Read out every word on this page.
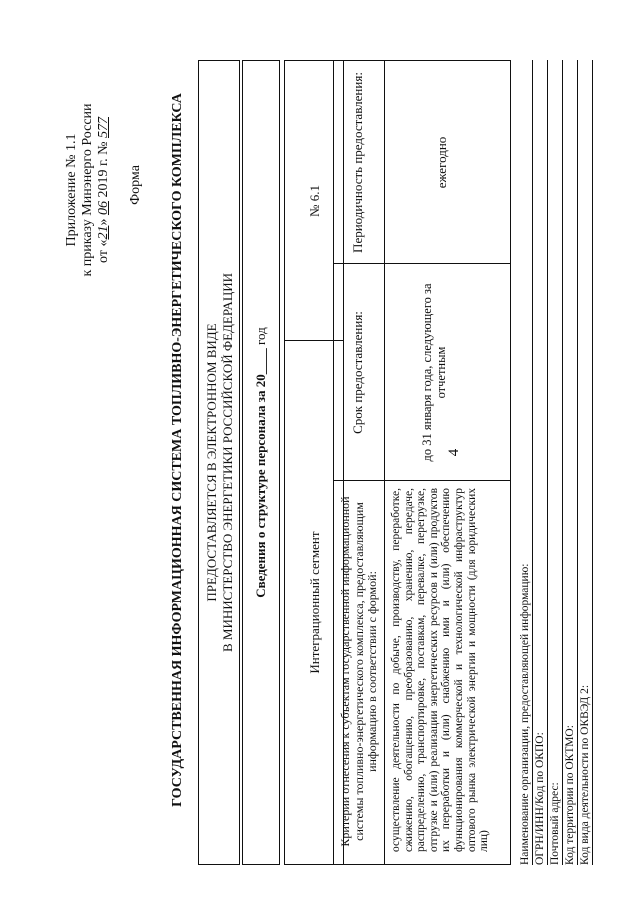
4
Приложение № 1.1 к приказу Минэнерго России от «21» 06 2019 г. № 577
Форма ГОСУДАРСТВЕННАЯ ИНФОРМАЦИОННАЯ СИСТЕМА ТОПЛИВНО-ЭНЕРГЕТИЧЕСКОГО КОМПЛЕКСА ПРЕДОСТАВЛЯЕТСЯ В ЭЛЕКТРОННОМ ВИДЕ В МИНИСТЕРСТВО ЭНЕРГЕТИКИ РОССИЙСКОЙ ФЕДЕРАЦИИ Сведения о структуре персонала за 20____ год
Интеграционный сегмент
№ 6.1
Критерии отнесения к субъектам государственной информационной системы топливно-энергетического комплекса, предоставляющим информацию в соответствии с формой:
Срок предоставления:
Периодичность предоставления:
осуществление деятельности по добыче, производству, переработке, сжижению, обогащению, преобразованию, хранению, передаче, распределению, транспортировке, поставкам, перевалке, перегрузке, отгрузке и (или) реализации энергетических ресурсов и (или) продуктов их переработки и (или) снабжению ими и (или) обеспечению функционирования коммерческой и технологической инфраструктур оптового рынка электрической энергии и мощности (для юридических лиц)
до 31 января года, следующего за отчетным
ежегодно
Наименование организации, предоставляющей информацию: ОГРН/ИНН/Код по ОКПО: Почтовый адрес: Код территории по ОКТМО: Код вида деятельности по ОКВЭД 2:
